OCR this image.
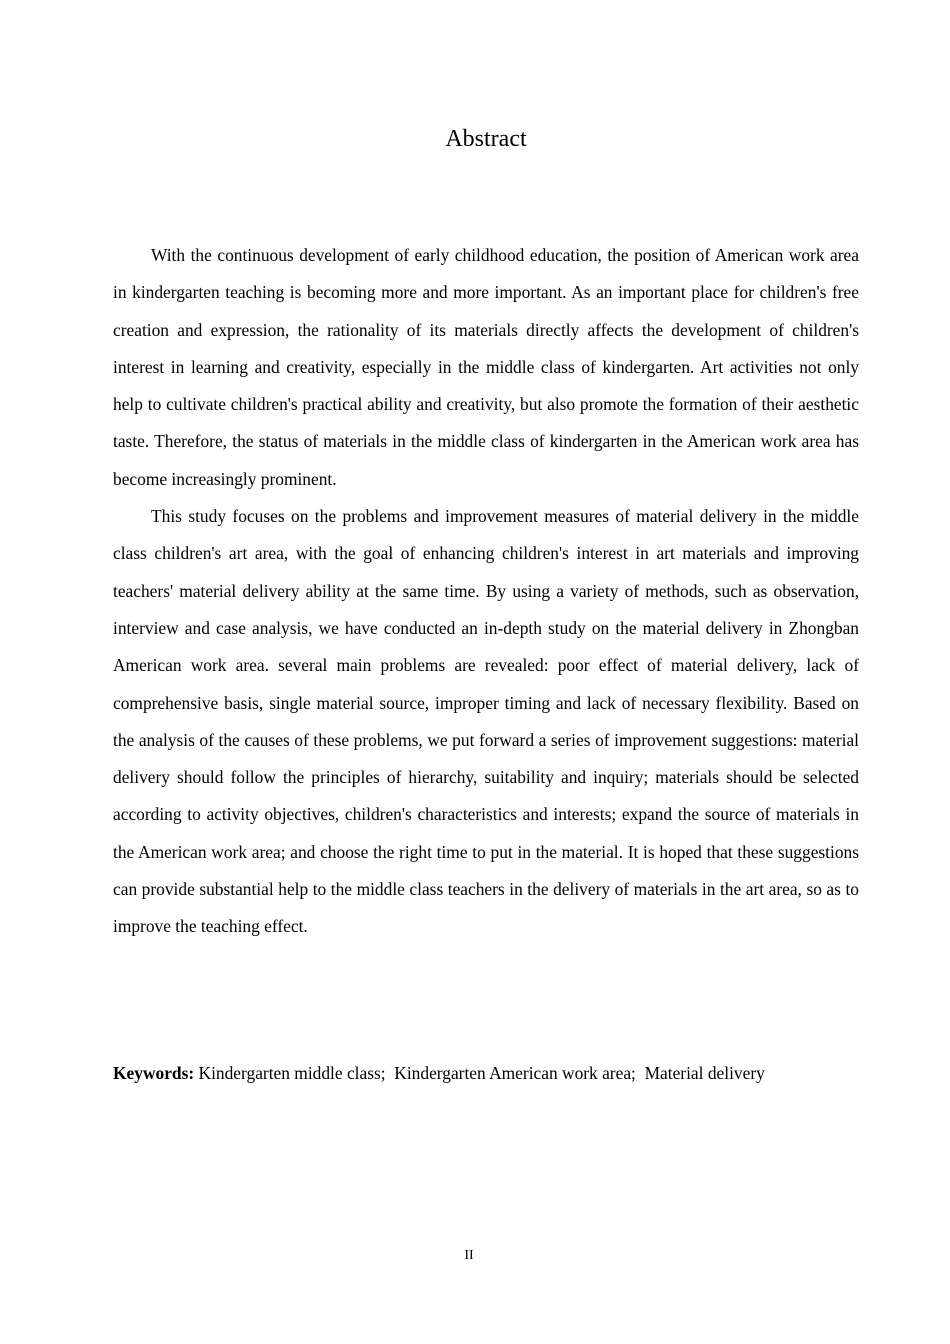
Abstract

With the continuous development of early childhood education, the position of American work area in kindergarten teaching is becoming more and more important. As an important place for children's free creation and expression, the rationality of its materials directly affects the development of children's interest in learning and creativity, especially in the middle class of kindergarten. Art activities not only help to cultivate children's practical ability and creativity, but also promote the formation of their aesthetic taste. Therefore, the status of materials in the middle class of kindergarten in the American work area has become increasingly prominent.

This study focuses on the problems and improvement measures of material delivery in the middle class children's art area, with the goal of enhancing children's interest in art materials and improving teachers' material delivery ability at the same time. By using a variety of methods, such as observation, interview and case analysis, we have conducted an in-depth study on the material delivery in Zhongban American work area. several main problems are revealed: poor effect of material delivery, lack of comprehensive basis, single material source, improper timing and lack of necessary flexibility. Based on the analysis of the causes of these problems, we put forward a series of improvement suggestions: material delivery should follow the principles of hierarchy, suitability and inquiry; materials should be selected according to activity objectives, children's characteristics and interests; expand the source of materials in the American work area; and choose the right time to put in the material. It is hoped that these suggestions can provide substantial help to the middle class teachers in the delivery of materials in the art area, so as to improve the teaching effect.

Keywords: Kindergarten middle class; Kindergarten American work area; Material delivery
II
